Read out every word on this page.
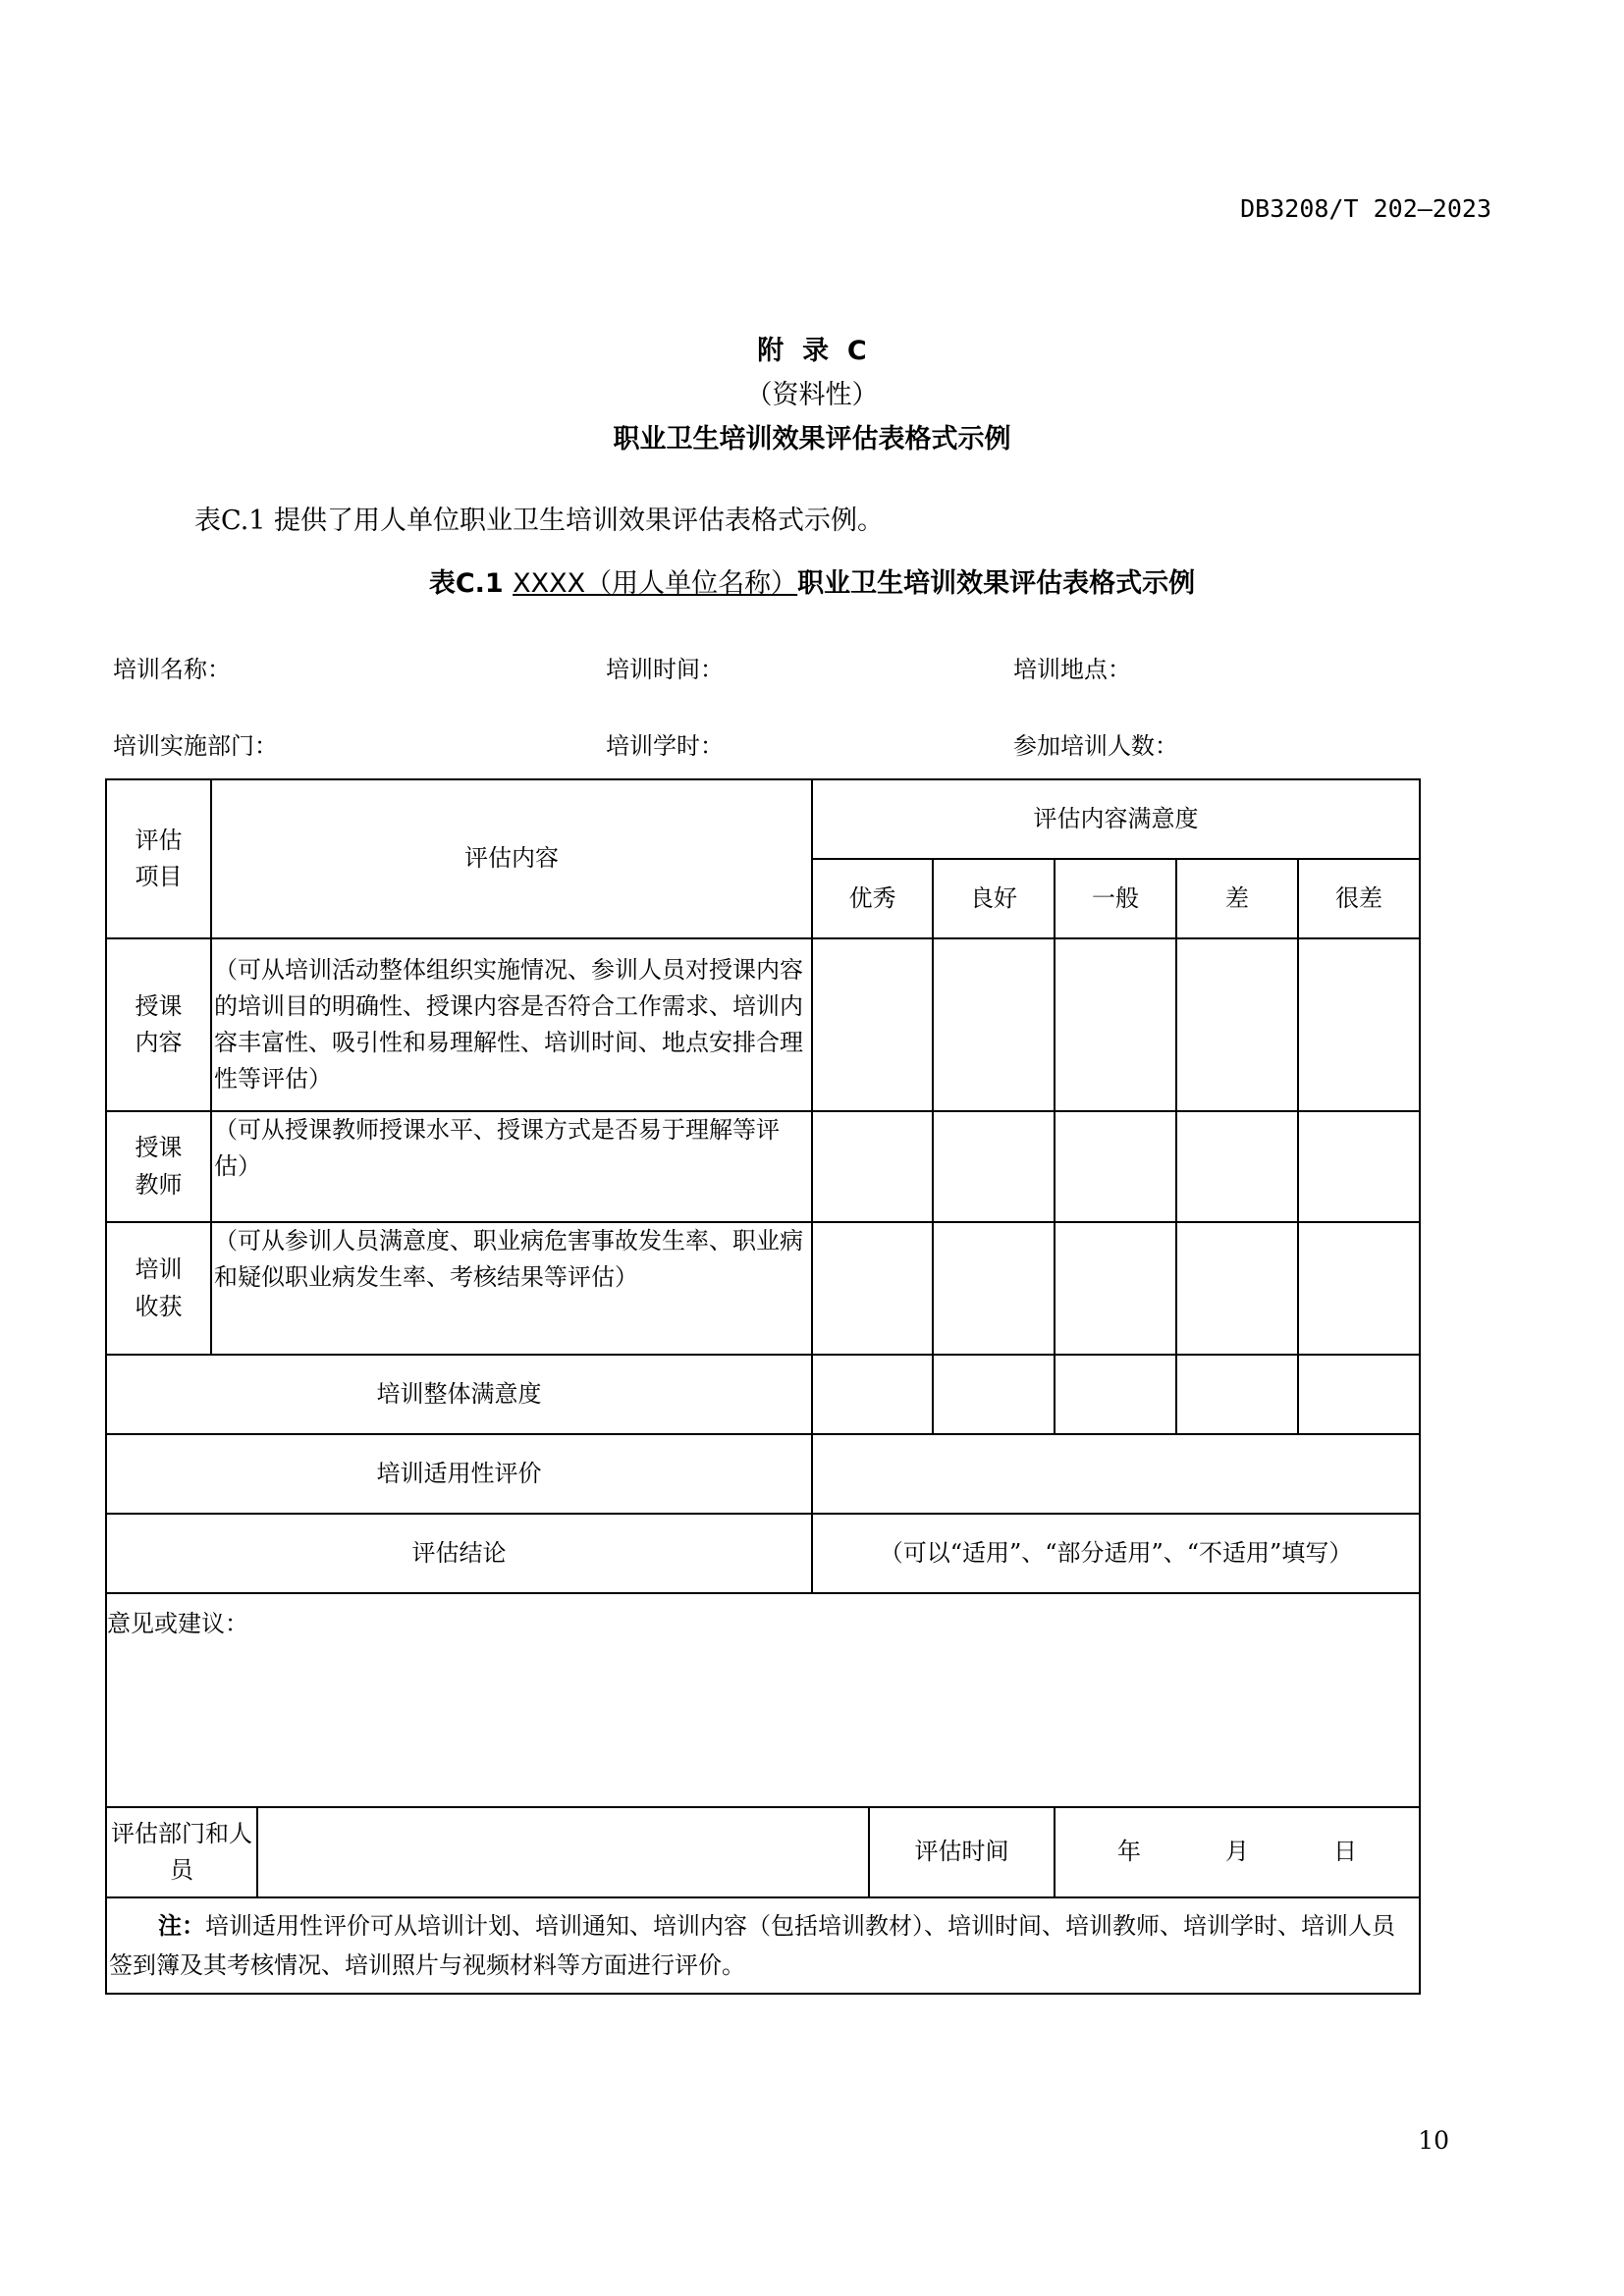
DB3208/T 202—2023
附  录  C
（资料性）
职业卫生培训效果评估表格式示例
表C.1 提供了用人单位职业卫生培训效果评估表格式示例。
表C.1 XXXX（用人单位名称）职业卫生培训效果评估表格式示例
培训名称：	培训时间：	培训地点：
培训实施部门：	培训学时：	参加培训人数：
评估项目	评估内容		评估内容满意度					
			优秀		良好	一般	差	很差
授课内容	（可从培训活动整体组织实施情况、参训人员对授课内容的培训目的明确性、授课内容是否符合工作需求、培训内容丰富性、吸引性和易理解性、培训时间、地点安排合理性等评估）							
授课教师	（可从授课教师授课水平、授课方式是否易于理解等评估）							
培训收获	（可从参训人员满意度、职业病危害事故发生率、职业病和疑似职业病发生率、考核结果等评估）							
培训整体满意度								
培训适用性评价								
评估结论			（可以“适用”、“部分适用”、“不适用”填写）					
意见或建议：								
评估部门和人员				评估时间		年 月 日		
注：培训适用性评价可从培训计划、培训通知、培训内容（包括培训教材）、培训时间、培训教师、培训学时、培训人员签到簿及其考核情况、培训照片与视频材料等方面进行评价。								
10
